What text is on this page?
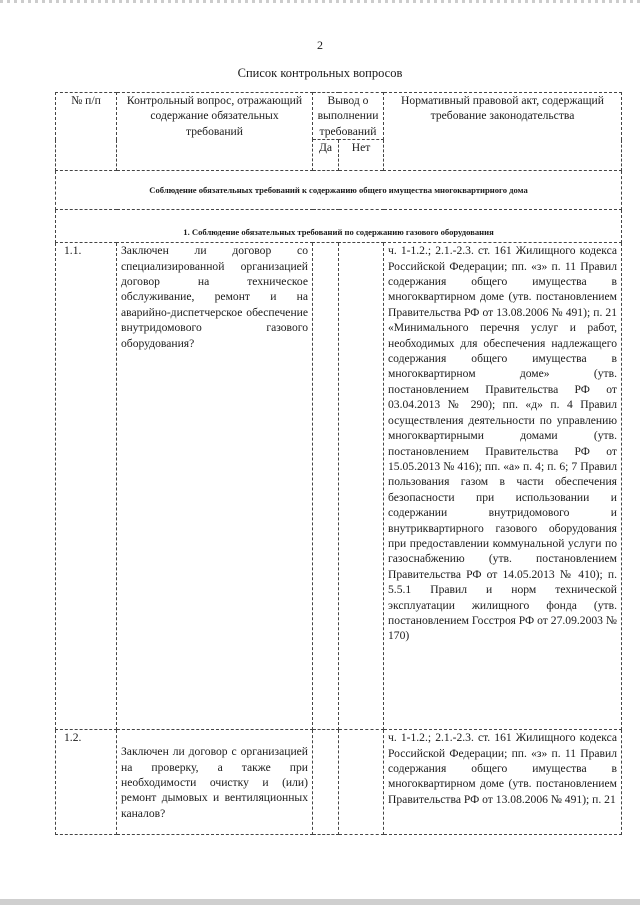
2
Список контрольных вопросов
№ п/п	Контрольный вопрос, отражающий содержание обязательных требований	Вывод о выполнении требований		Нормативный правовой акт, содержащий требование законодательства
		Да	Нет	
Соблюдение обязательных требований к содержанию общего имущества многоквартирного дома				
1. Соблюдение обязательных требований по содержанию газового оборудования				
1.1.	Заключен ли договор со специализированной организацией договор на техническое обслуживание, ремонт и на аварийно-диспетчерское обеспечение внутридомового газового оборудования?			ч. 1-1.2.; 2.1.-2.3. ст. 161 Жилищного кодекса Российской Федерации; пп. «з» п. 11 Правил содержания общего имущества в многоквартирном доме (утв. постановлением Правительства РФ от 13.08.2006 № 491); п. 21 «Минимального перечня услуг и работ, необходимых для обеспечения надлежащего содержания общего имущества в многоквартирном доме» (утв. постановлением Правительства РФ от 03.04.2013 № 290); пп. «д» п. 4 Правил осуществления деятельности по управлению многоквартирными домами (утв. постановлением Правительства РФ от 15.05.2013 № 416); пп. «а» п. 4; п. 6; 7 Правил пользования газом в части обеспечения безопасности при использовании и содержании внутридомового и внутриквартирного газового оборудования при предоставлении коммунальной услуги по газоснабжению (утв. постановлением Правительства РФ от 14.05.2013 № 410); п. 5.5.1 Правил и норм технической эксплуатации жилищного фонда (утв. постановлением Госстроя РФ от 27.09.2003 № 170)
1.2.	Заключен ли договор с организацией на проверку, а также при необходимости очистку и (или) ремонт дымовых и вентиляционных каналов?			ч. 1-1.2.; 2.1.-2.3. ст. 161 Жилищного кодекса Российской Федерации; пп. «з» п. 11 Правил содержания общего имущества в многоквартирном доме (утв. постановлением Правительства РФ от 13.08.2006 № 491); п. 21
